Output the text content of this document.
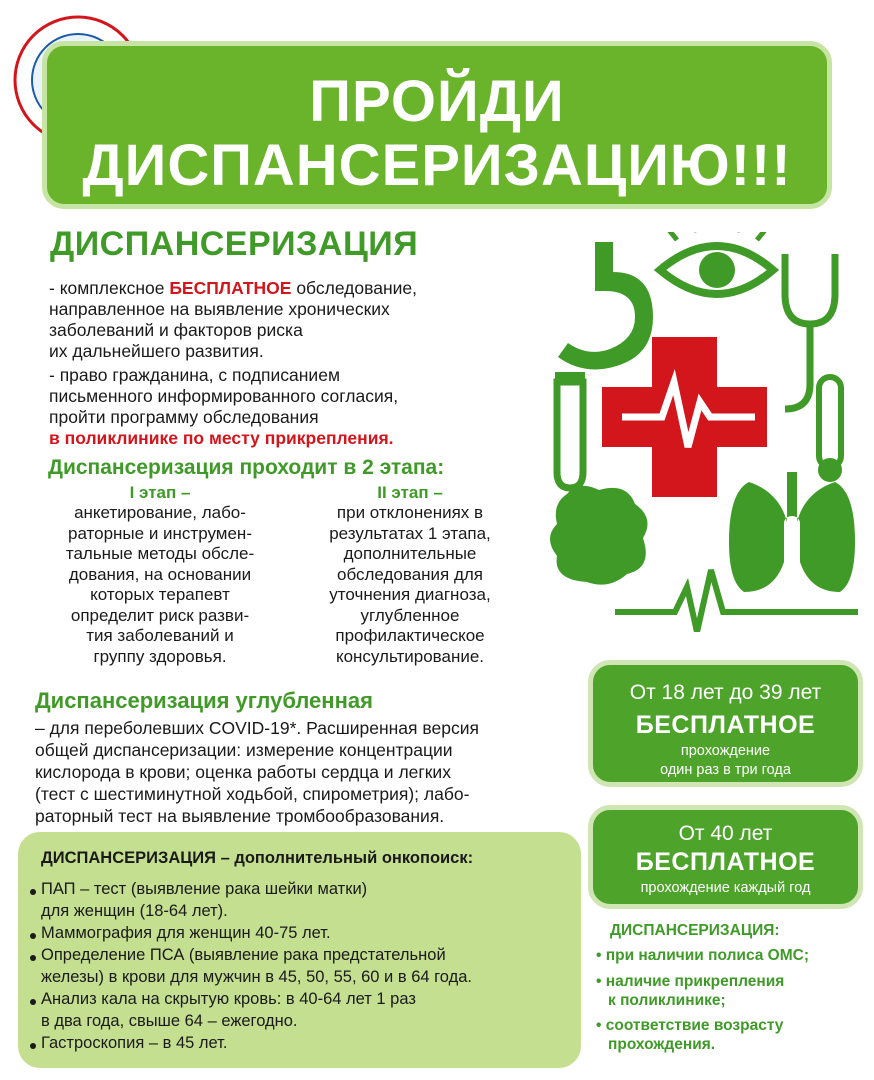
ПРОЙДИ
ДИСПАНСЕРИЗАЦИЮ!!!
ДИСПАНСЕРИЗАЦИЯ
- комплексное БЕСПЛАТНОЕ обследование,
направленное на выявление хронических
заболеваний и факторов риска
их дальнейшего развития.
- право гражданина, с подписанием
письменного информированного согласия,
пройти программу обследования
в поликлинике по месту прикрепления.
Диспансеризация проходит в 2 этапа:
I этап –	II этап –
анкетирование, лабо-
раторные и инструмен-
тальные методы обсле-
дования, на основании
которых терапевт
определит риск разви-
тия заболеваний и
группу здоровья.
при отклонениях в
результатах 1 этапа,
дополнительные
обследования для
уточнения диагноза,
углубленное
профилактическое
консультирование.
Диспансеризация углубленная
– для переболевших COVID-19*. Расширенная версия
общей диспансеризации: измерение концентрации
кислорода в крови; оценка работы сердца и легких
(тест с шестиминутной ходьбой, спирометрия); лабо-
раторный тест на выявление тромбообразования.
ДИСПАНСЕРИЗАЦИЯ – дополнительный онкопоиск:
ПАП – тест (выявление рака шейки матки)
для женщин (18-64 лет).
Маммография для женщин 40-75 лет.
Определение ПСА (выявление рака предстательной
железы) в крови для мужчин в 45, 50, 55, 60 и в 64 года.
Анализ кала на скрытую кровь: в 40-64 лет 1 раз
в два года, свыше 64 – ежегодно.
Гастроскопия – в 45 лет.
От 18 лет до 39 лет
БЕСПЛАТНОЕ
прохождение
один раз в три года
От 40 лет
БЕСПЛАТНОЕ
прохождение каждый год
ДИСПАНСЕРИЗАЦИЯ:
• при наличии полиса ОМС;
• наличие прикрепления
к поликлинике;
• соответствие возрасту
прохождения.
